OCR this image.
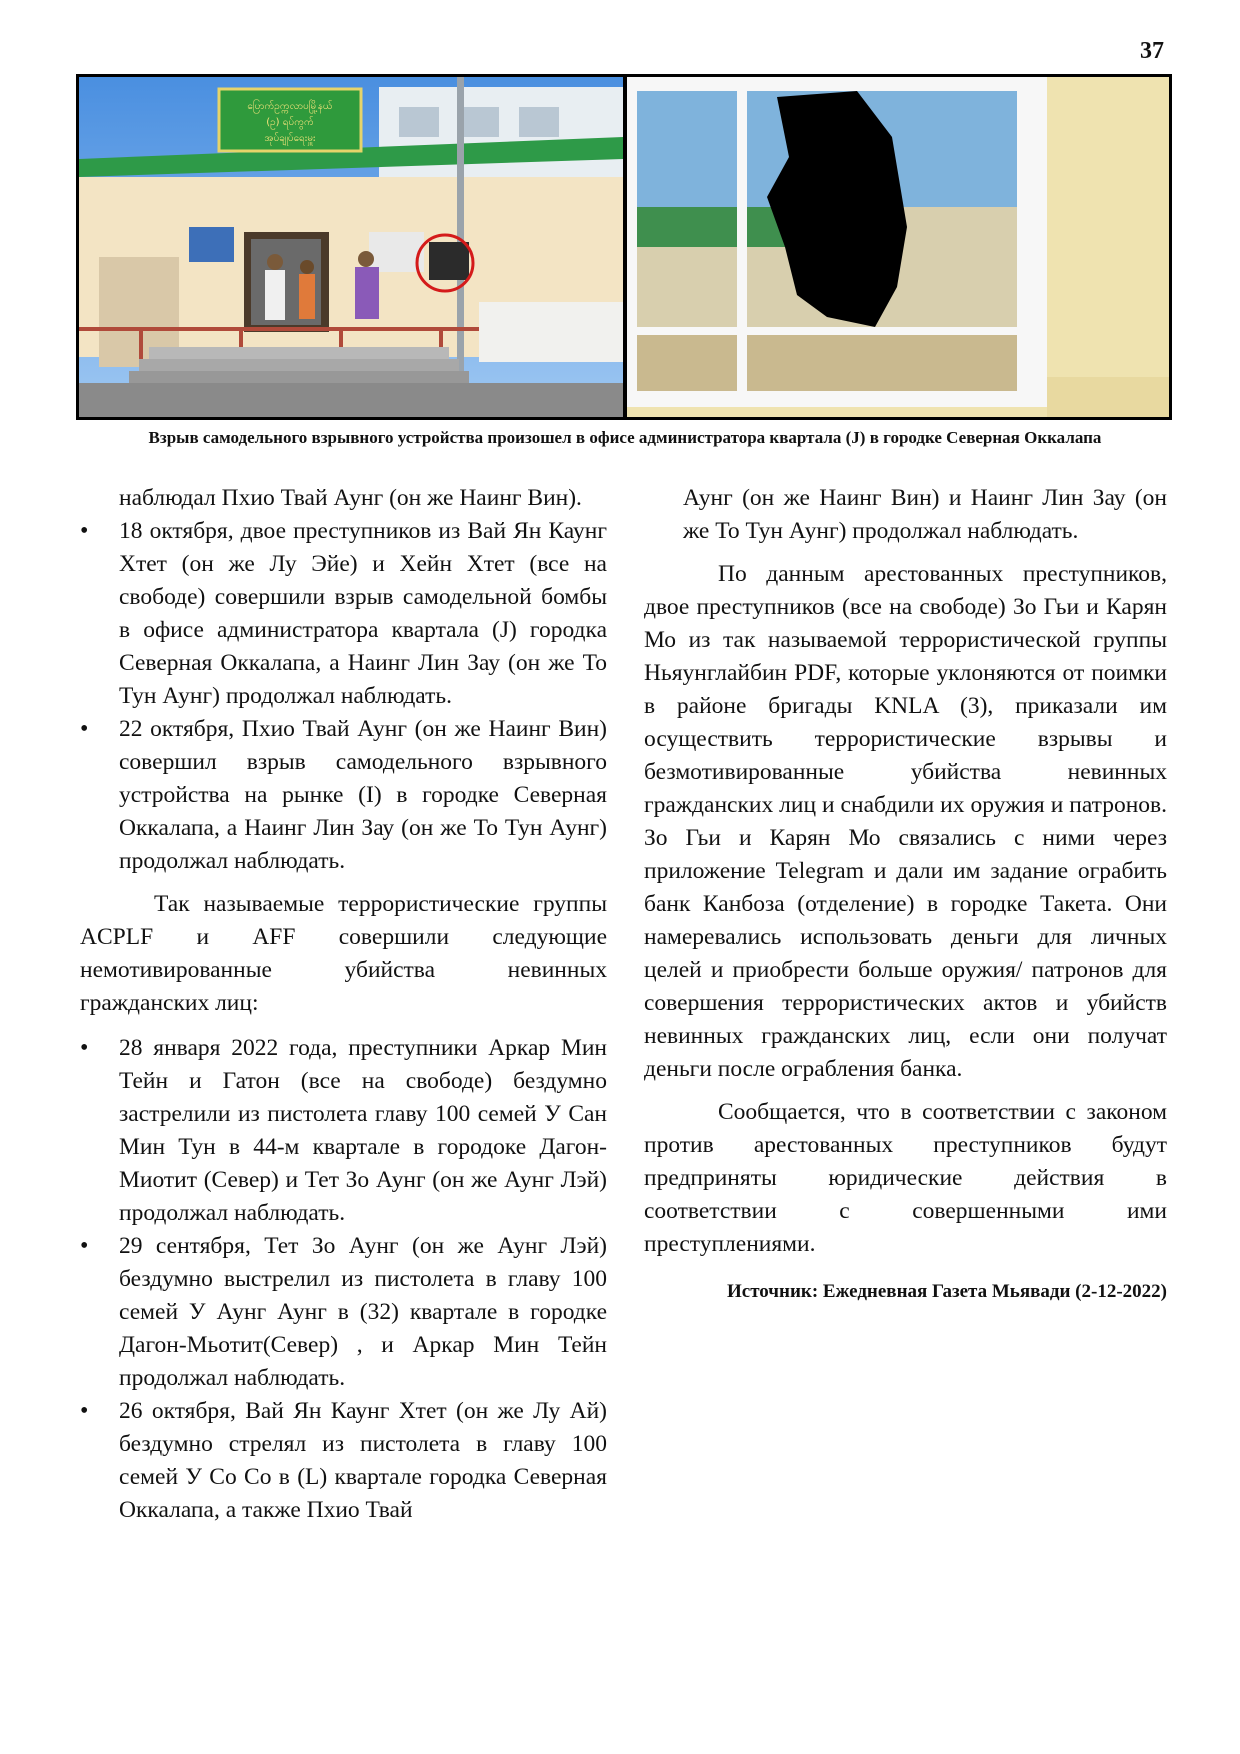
37
ပြောက်ဥက္ကလာပမြို့နယ်
(ဥ) ရပ်ကွက်
အုပ်ချုပ်ရေးမှူး
Взрыв самодельного взрывного устройства произошел в офисе администратора квартала (J) в городке Северная Оккалапа

наблюдал Пхио Твай Аунг (он же Наинг Вин).

• 18 октября, двое преступников из Вай Ян Каунг Хтет (он же Лу Эйе) и Хейн Хтет (все на свободе) совершили взрыв самодельной бомбы в офисе администратора квартала (J) городка Северная Оккалапа, а Наинг Лин Зау (он же То Тун Аунг) продолжал наблюдать.
• 22 октября, Пхио Твай Аунг (он же Наинг Вин) совершил взрыв самодельного взрывного устройства на рынке (I) в городке Северная Оккалапа, а Наинг Лин Зау (он же То Тун Аунг) продолжал наблюдать.

Так называемые террористические группы ACPLF и AFF совершили следующие немотивированные убийства невинных гражданских лиц:

• 28 января 2022 года, преступники Аркар Мин Тейн и Гатон (все на свободе) бездумно застрелили из пистолета главу 100 семей У Сан Мин Тун в 44-м квартале в городоке Дагон-Миотит (Север) и Тет Зо Аунг (он же Аунг Лэй) продолжал наблюдать.
• 29 сентября, Тет Зо Аунг (он же Аунг Лэй) бездумно выстрелил из пистолета в главу 100 семей У Аунг Аунг в (32) квартале в городке Дагон-Мьотит(Север) , и Аркар Мин Тейн продолжал наблюдать.
• 26 октября, Вай Ян Каунг Хтет (он же Лу Ай) бездумно стрелял из пистолета в главу 100 семей У Со Со в (L) квартале городка Северная Оккалапа, а также Пхио Твай

Аунг (он же Наинг Вин) и Наинг Лин Зау (он же То Тун Аунг) продолжал наблюдать.

По данным арестованных преступников, двое преступников (все на свободе) Зо Гьи и Карян Мо из так называемой террористической группы Ньяунглайбин PDF, которые уклоняются от поимки в районе бригады KNLA (3), приказали им осуществить террористические взрывы и безмотивированные убийства невинных гражданских лиц и снабдили их оружия и патронов. Зо Гьи и Карян Мо связались с ними через приложение Telegram и дали им задание ограбить банк Канбоза (отделение) в городке Такета. Они намеревались использовать деньги для личных целей и приобрести больше оружия/ патронов для совершения террористических актов и убийств невинных гражданских лиц, если они получат деньги после ограбления банка.

Сообщается, что в соответствии с законом против арестованных преступников будут предприняты юридические действия в соответствии с совершенными ими преступлениями.

Источник: Ежедневная Газета Мьявади (2-12-2022)
